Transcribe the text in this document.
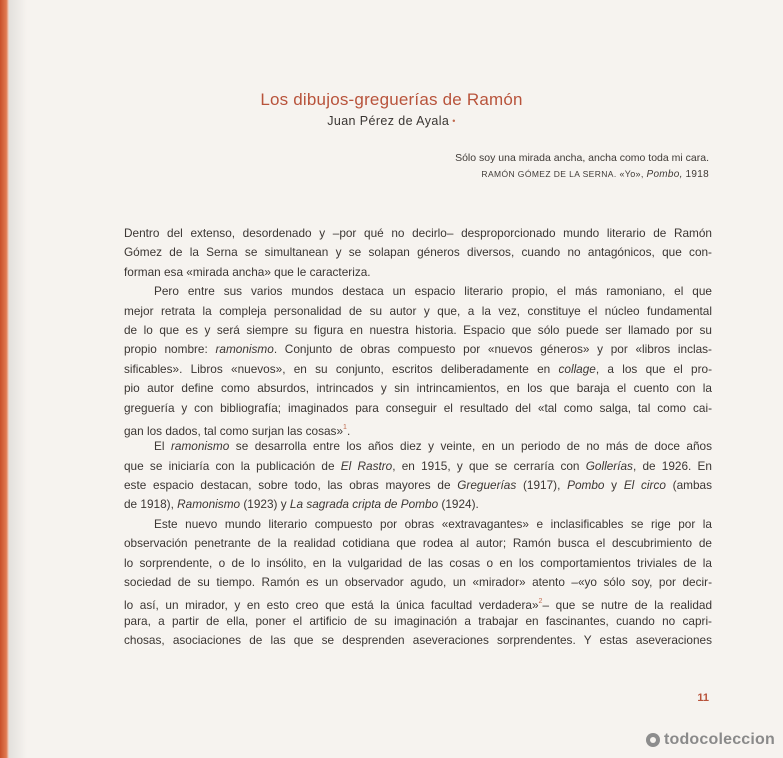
Los dibujos-greguerías de Ramón
Juan Pérez de Ayala •
Sólo soy una mirada ancha, ancha como toda mi cara.
RAMÓN GÓMEZ DE LA SERNA. «Yo», Pombo, 1918
Dentro del extenso, desordenado y –por qué no decirlo– desproporcionado mundo literario de Ramón
Gómez de la Serna se simultanean y se solapan géneros diversos, cuando no antagónicos, que con-
forman esa «mirada ancha» que le caracteriza.
Pero entre sus varios mundos destaca un espacio literario propio, el más ramoniano, el que
mejor retrata la compleja personalidad de su autor y que, a la vez, constituye el núcleo fundamental
de lo que es y será siempre su figura en nuestra historia. Espacio que sólo puede ser llamado por su
propio nombre: ramonismo. Conjunto de obras compuesto por «nuevos géneros» y por «libros inclas-
sificables». Libros «nuevos», en su conjunto, escritos deliberadamente en collage, a los que el pro-
pio autor define como absurdos, intrincados y sin intrincamientos, en los que baraja el cuento con la
greguería y con bibliografía; imaginados para conseguir el resultado del «tal como salga, tal como cai-
gan los dados, tal como surjan las cosas»$^1$.
El ramonismo se desarrolla entre los años diez y veinte, en un periodo de no más de doce años
que se iniciaría con la publicación de El Rastro, en 1915, y que se cerraría con Gollerías, de 1926. En
este espacio destacan, sobre todo, las obras mayores de Greguerías (1917), Pombo y El circo (ambas
de 1918), Ramonismo (1923) y La sagrada cripta de Pombo (1924).
Este nuevo mundo literario compuesto por obras «extravagantes» e inclasificables se rige por la
observación penetrante de la realidad cotidiana que rodea al autor; Ramón busca el descubrimiento de
lo sorprendente, o de lo insólito, en la vulgaridad de las cosas o en los comportamientos triviales de la
sociedad de su tiempo. Ramón es un observador agudo, un «mirador» atento –«yo sólo soy, por decir-
lo así, un mirador, y en esto creo que está la única facultad verdadera»$^2$– que se nutre de la realidad
para, a partir de ella, poner el artificio de su imaginación a trabajar en fascinantes, cuando no capri-
chosas, asociaciones de las que se desprenden aseveraciones sorprendentes. Y estas aseveraciones
11
todocoleccion
